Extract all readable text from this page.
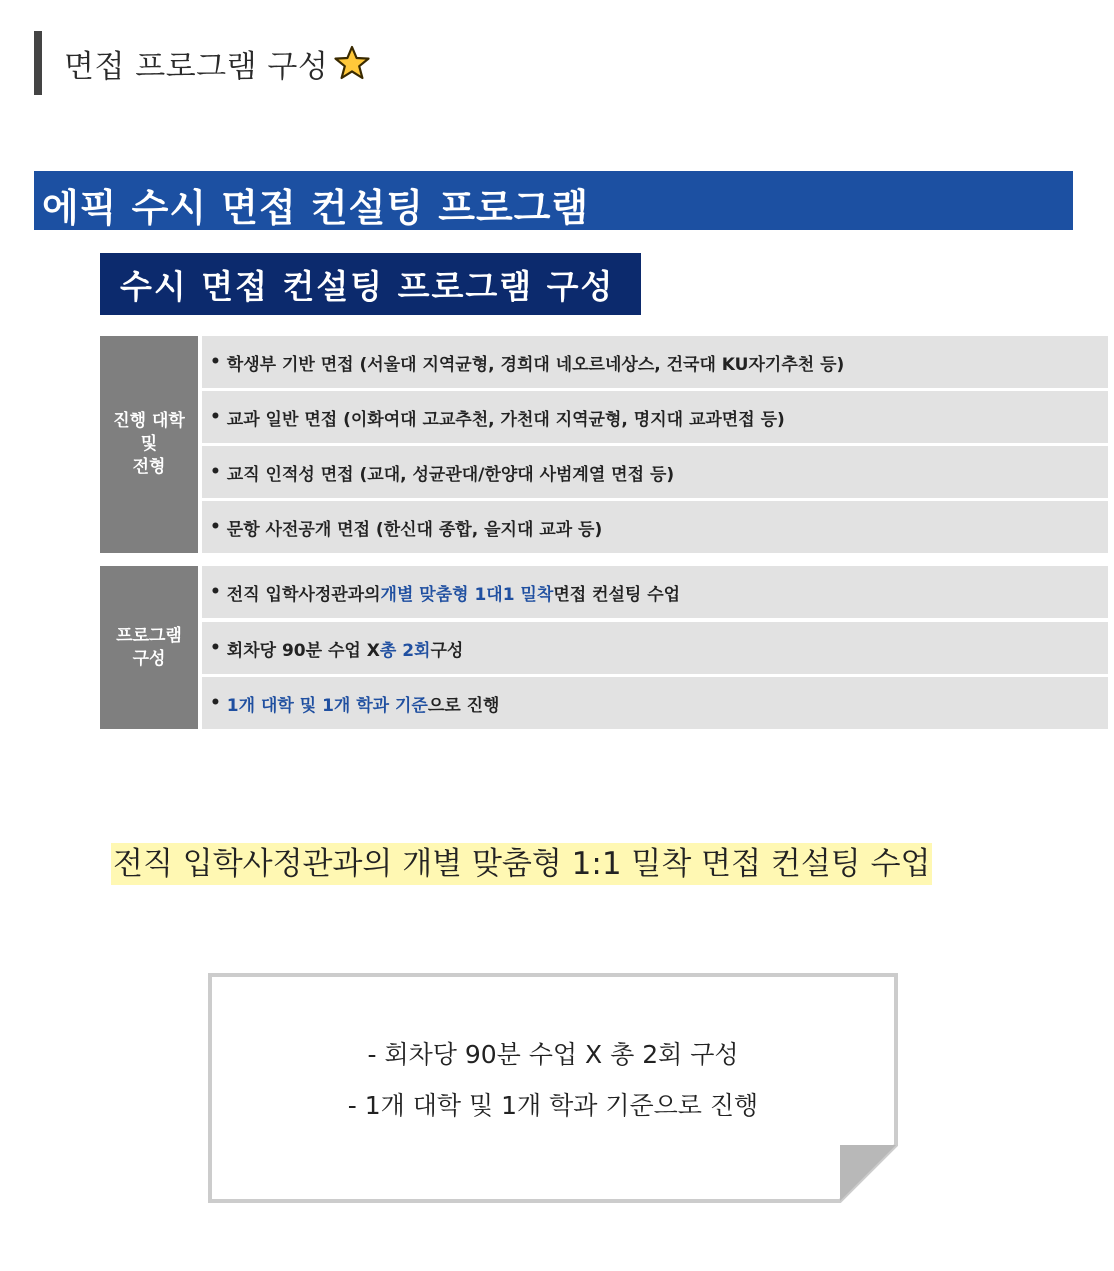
면접 프로그램 구성
에픽 수시 면접 컨설팅 프로그램
수시 면접 컨설팅 프로그램 구성
진행 대학
및
전형
•
학생부 기반 면접 (서울대 지역균형, 경희대 네오르네상스, 건국대 KU자기추천 등)
•
교과 일반 면접 (이화여대 고교추천, 가천대 지역균형, 명지대 교과면접 등)
•
교직 인적성 면접 (교대, 성균관대/한양대 사범계열 면접 등)
•
문항 사전공개 면접 (한신대 종합, 을지대 교과 등)
프로그램
구성
•
전직 입학사정관과의 개별 맞춤형 1대1 밀착 면접 컨설팅 수업
•
회차당 90분 수업 X 총 2회 구성
•
1개 대학 및 1개 학과 기준 으로 진행
전직 입학사정관과의 개별 맞춤형 1:1 밀착 면접 컨설팅 수업
- 회차당 90분 수업 X 총 2회 구성
- 1개 대학 및 1개 학과 기준으로 진행
